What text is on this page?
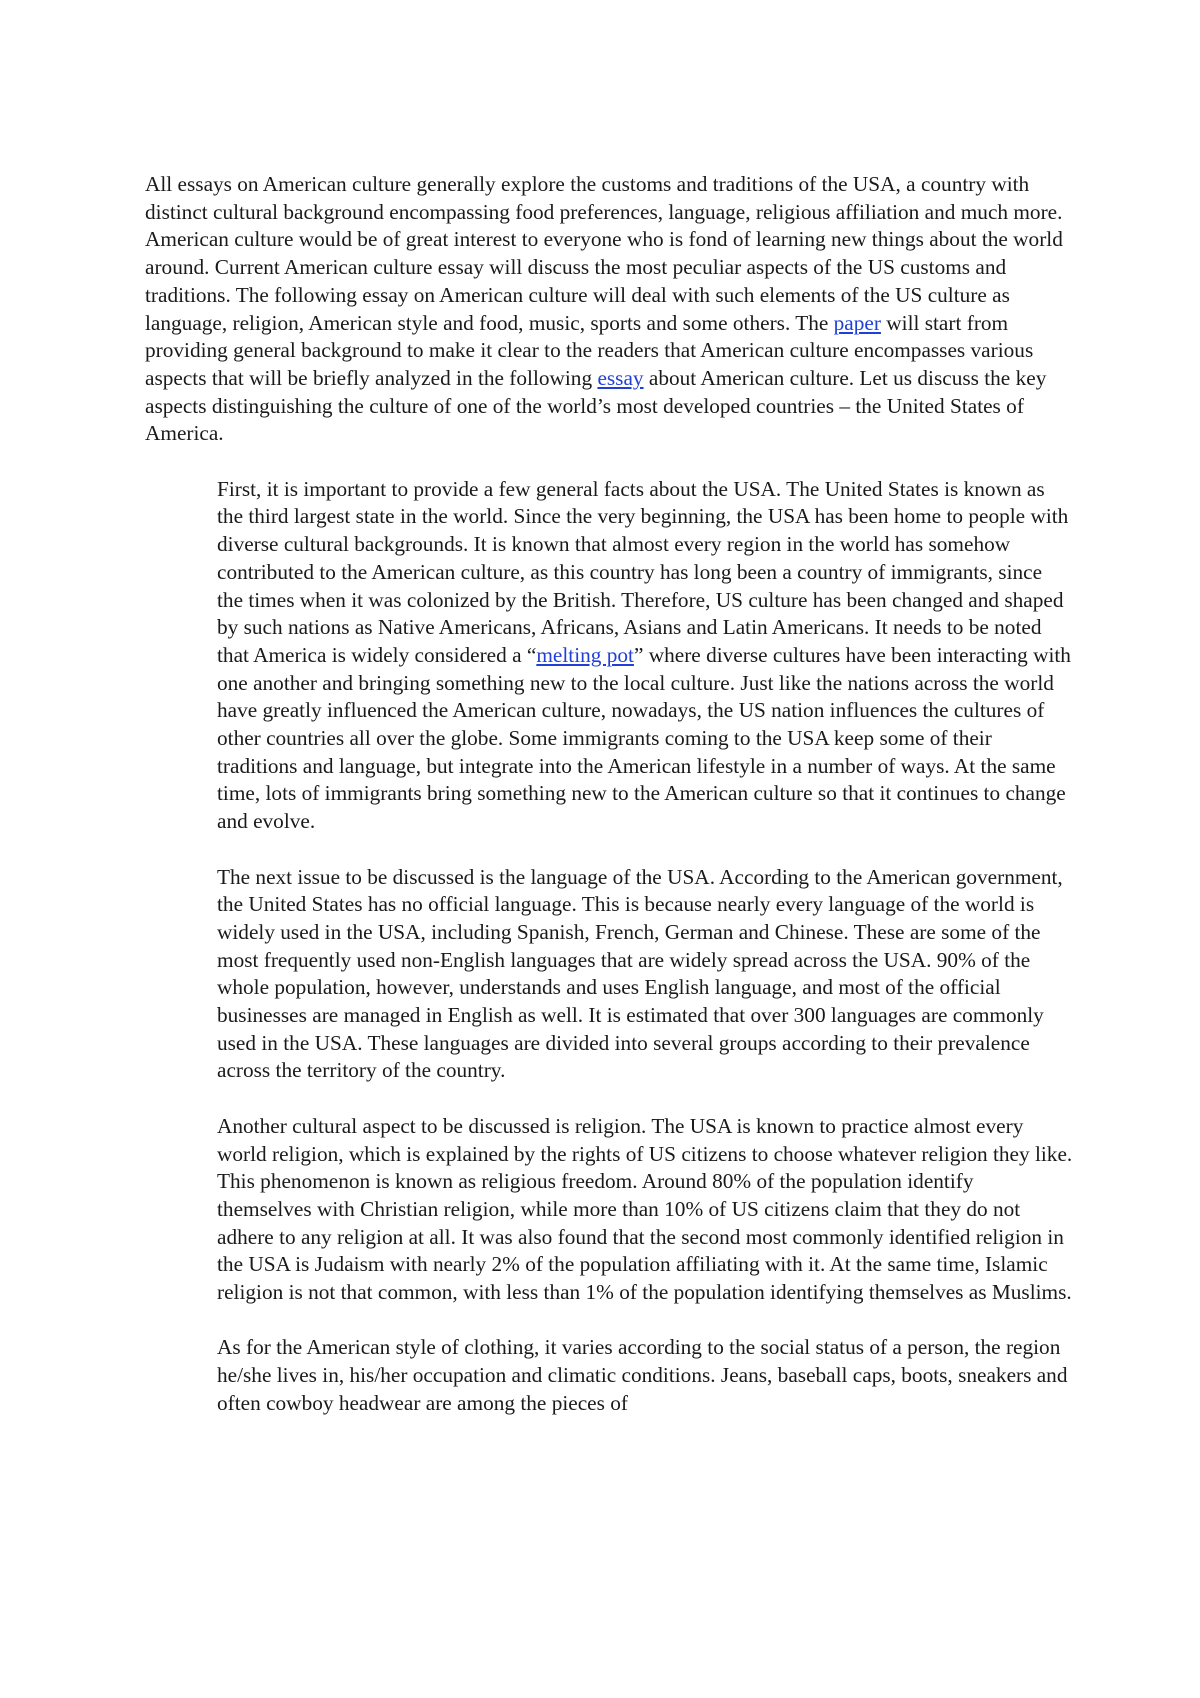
All essays on American culture generally explore the customs and traditions of the USA, a country with distinct cultural background encompassing food preferences, language, religious affiliation and much more. American culture would be of great interest to everyone who is fond of learning new things about the world around. Current American culture essay will discuss the most peculiar aspects of the US customs and traditions. The following essay on American culture will deal with such elements of the US culture as language, religion, American style and food, music, sports and some others. The paper will start from providing general background to make it clear to the readers that American culture encompasses various aspects that will be briefly analyzed in the following essay about American culture. Let us discuss the key aspects distinguishing the culture of one of the world’s most developed countries – the United States of America.

First, it is important to provide a few general facts about the USA. The United States is known as the third largest state in the world. Since the very beginning, the USA has been home to people with diverse cultural backgrounds. It is known that almost every region in the world has somehow contributed to the American culture, as this country has long been a country of immigrants, since the times when it was colonized by the British. Therefore, US culture has been changed and shaped by such nations as Native Americans, Africans, Asians and Latin Americans. It needs to be noted that America is widely considered a “melting pot” where diverse cultures have been interacting with one another and bringing something new to the local culture. Just like the nations across the world have greatly influenced the American culture, nowadays, the US nation influences the cultures of other countries all over the globe. Some immigrants coming to the USA keep some of their traditions and language, but integrate into the American lifestyle in a number of ways. At the same time, lots of immigrants bring something new to the American culture so that it continues to change and evolve.

The next issue to be discussed is the language of the USA. According to the American government, the United States has no official language. This is because nearly every language of the world is widely used in the USA, including Spanish, French, German and Chinese. These are some of the most frequently used non-English languages that are widely spread across the USA. 90% of the whole population, however, understands and uses English language, and most of the official businesses are managed in English as well. It is estimated that over 300 languages are commonly used in the USA. These languages are divided into several groups according to their prevalence across the territory of the country.

Another cultural aspect to be discussed is religion. The USA is known to practice almost every world religion, which is explained by the rights of US citizens to choose whatever religion they like. This phenomenon is known as religious freedom. Around 80% of the population identify themselves with Christian religion, while more than 10% of US citizens claim that they do not adhere to any religion at all. It was also found that the second most commonly identified religion in the USA is Judaism with nearly 2% of the population affiliating with it. At the same time, Islamic religion is not that common, with less than 1% of the population identifying themselves as Muslims.

As for the American style of clothing, it varies according to the social status of a person, the region he/she lives in, his/her occupation and climatic conditions. Jeans, baseball caps, boots, sneakers and often cowboy headwear are among the pieces of
